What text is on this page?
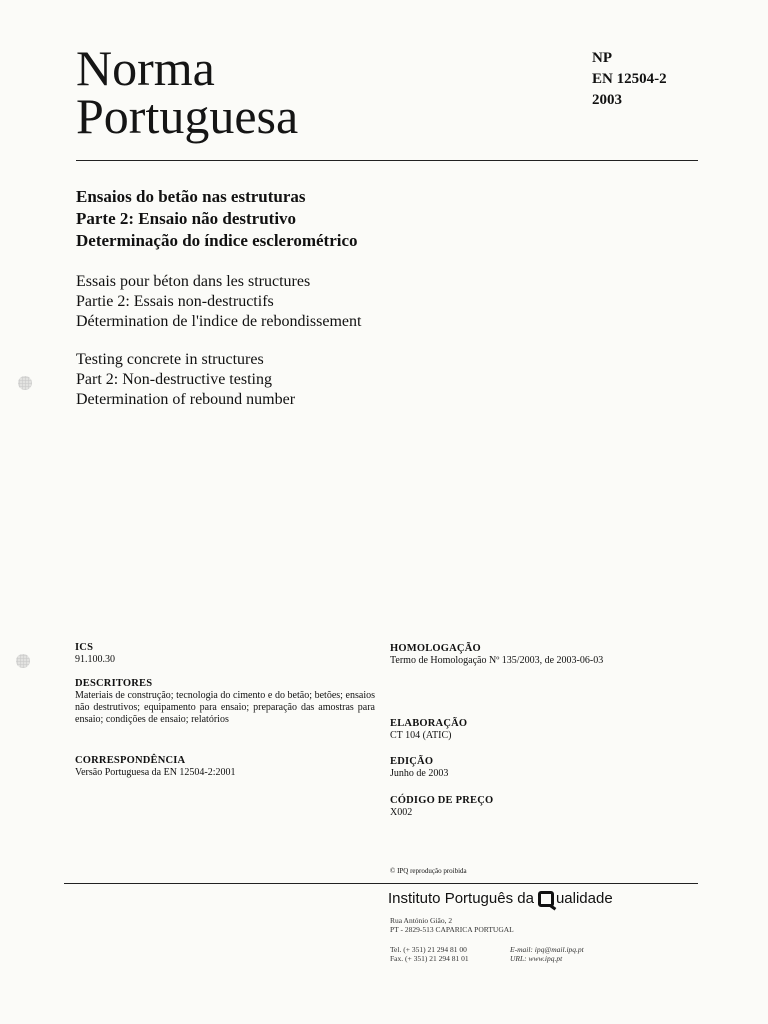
Norma
Portuguesa
NP
EN 12504-2
2003
Ensaios do betão nas estruturas
Parte 2: Ensaio não destrutivo
Determinação do índice esclerométrico
Essais pour béton dans les structures
Partie 2: Essais non-destructifs
Détermination de l'indice de rebondissement
Testing concrete in structures
Part 2: Non-destructive testing
Determination of rebound number
ICS
91.100.30
DESCRITORES
Materiais de construção; tecnologia do cimento e do betão; betões; ensaios não destrutivos; equipamento para ensaio; preparação das amostras para ensaio; condições de ensaio; relatórios
CORRESPONDÊNCIA
Versão Portuguesa da EN 12504-2:2001
HOMOLOGAÇÃO
Termo de Homologação Nº 135/2003, de 2003-06-03
ELABORAÇÃO
CT 104 (ATIC)
EDIÇÃO
Junho de 2003
CÓDIGO DE PREÇO
X002
© IPQ reprodução proibida
Instituto Português da ualidade
Rua António Gião, 2
PT - 2829-513 CAPARICA PORTUGAL
Tel. (+ 351) 21 294 81 00
Fax. (+ 351) 21 294 81 01
E-mail: ipq@mail.ipq.pt
URL: www.ipq.pt
